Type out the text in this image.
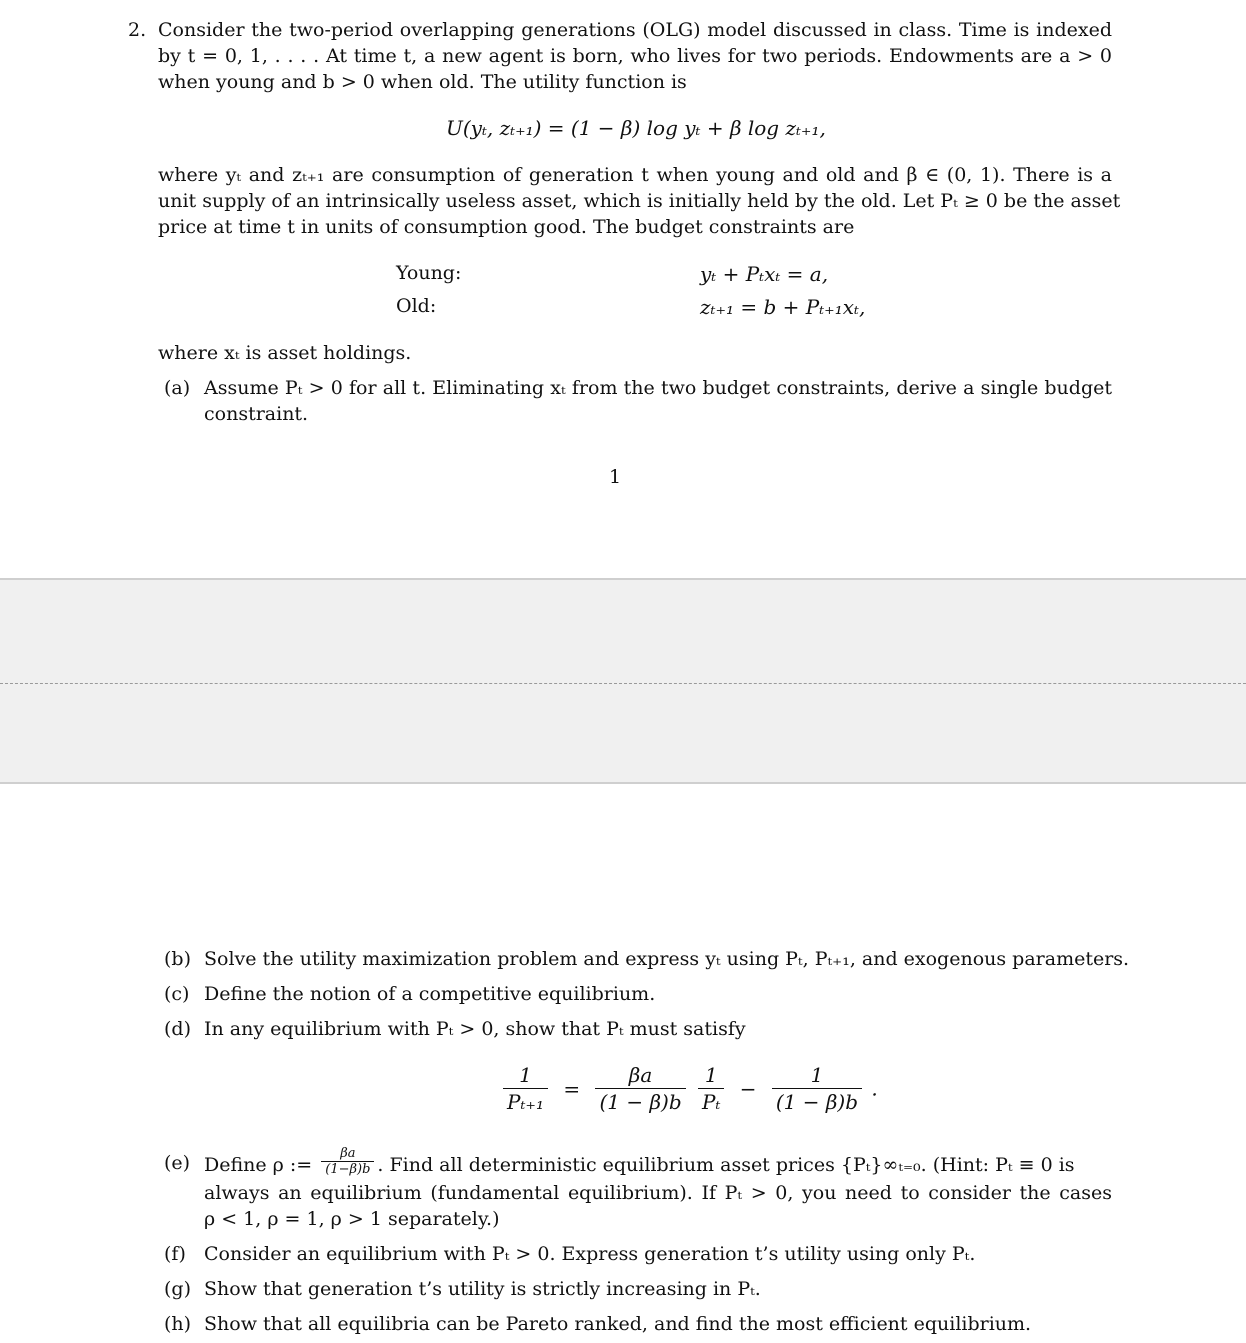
2. Consider the two-period overlapping generations (OLG) model discussed in class. Time is indexed
by t = 0, 1, . . . . At time t, a new agent is born, who lives for two periods. Endowments are a > 0
when young and b > 0 when old. The utility function is
U(yₜ, zₜ₊₁) = (1 − β) log yₜ + β log zₜ₊₁,
where yₜ and zₜ₊₁ are consumption of generation t when young and old and β ∈ (0, 1). There is a
unit supply of an intrinsically useless asset, which is initially held by the old. Let Pₜ ≥ 0 be the asset
price at time t in units of consumption good. The budget constraints are
Young:	yₜ + Pₜxₜ = a,
Old:	zₜ₊₁ = b + Pₜ₊₁xₜ,
where xₜ is asset holdings.
(a) Assume Pₜ > 0 for all t. Eliminating xₜ from the two budget constraints, derive a single budget
constraint.
1
(b) Solve the utility maximization problem and express yₜ using Pₜ, Pₜ₊₁, and exogenous parameters.
(c) Define the notion of a competitive equilibrium.
(d) In any equilibrium with Pₜ > 0, show that Pₜ must satisfy
$\frac{1}{\text{Pₜ₊₁}} = \frac{\beta a}{(1 - \beta)b}$
$\frac{1}{\text{Pₜ}} - \frac{1}{(1 - \beta)b}$ .
(e) Define ρ := $\frac{\beta a}{(1-\beta)b}$ . Find all deterministic equilibrium asset prices {Pₜ}∞ₜ₌₀. (Hint: Pₜ ≡ 0 is
always an equilibrium (fundamental equilibrium). If Pₜ > 0, you need to consider the cases
ρ < 1, ρ = 1, ρ > 1 separately.)
(f) Consider an equilibrium with Pₜ > 0. Express generation t’s utility using only Pₜ.
(g) Show that generation t’s utility is strictly increasing in Pₜ.
(h) Show that all equilibria can be Pareto ranked, and find the most efficient equilibrium.
